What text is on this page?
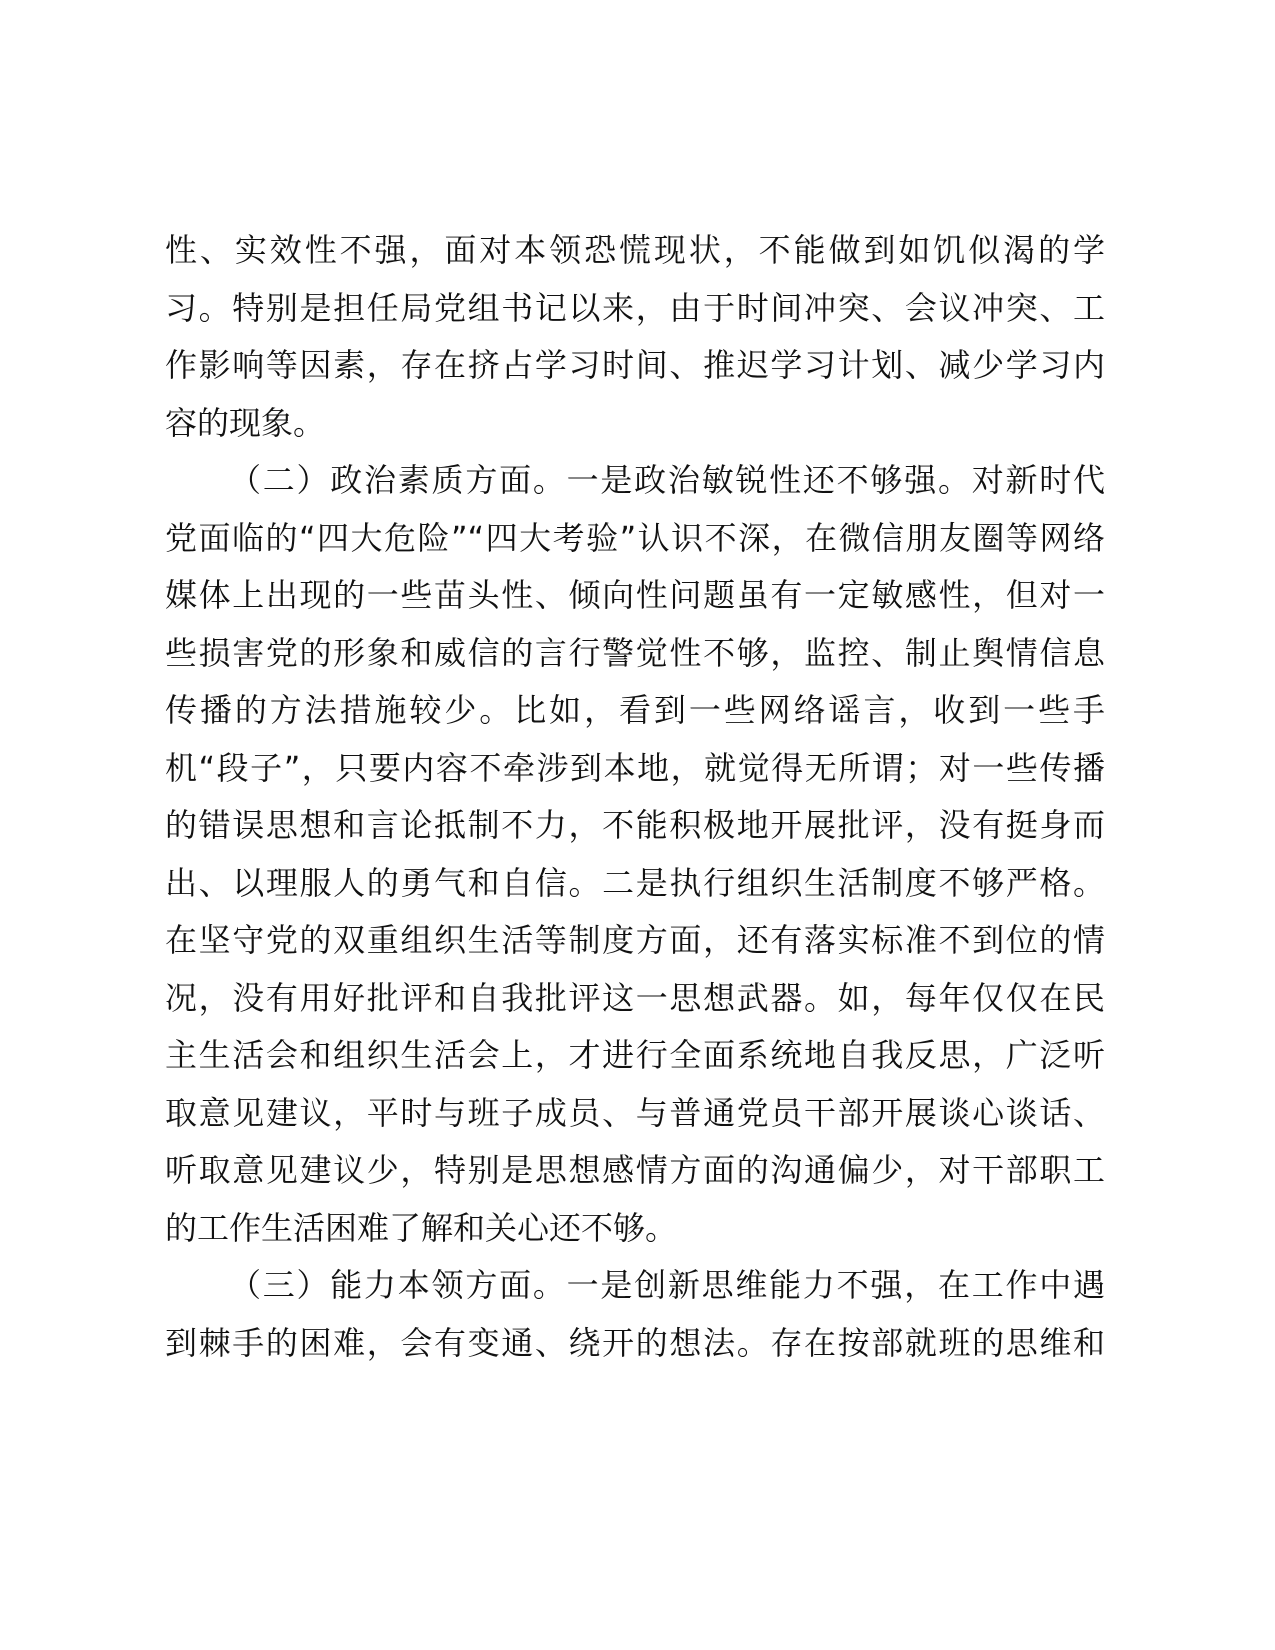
性、实效性不强，面对本领恐慌现状，不能做到如饥似渴的学
习。特别是担任局党组书记以来，由于时间冲突、会议冲突、工
作影响等因素，存在挤占学习时间、推迟学习计划、减少学习内
容的现象。
（二）政治素质方面。一是政治敏锐性还不够强。对新时代
党面临的“四大危险”“四大考验”认识不深，在微信朋友圈等网络
媒体上出现的一些苗头性、倾向性问题虽有一定敏感性，但对一
些损害党的形象和威信的言行警觉性不够，监控、制止舆情信息
传播的方法措施较少。比如，看到一些网络谣言，收到一些手
机“段子”，只要内容不牵涉到本地，就觉得无所谓；对一些传播
的错误思想和言论抵制不力，不能积极地开展批评，没有挺身而
出、以理服人的勇气和自信。二是执行组织生活制度不够严格。
在坚守党的双重组织生活等制度方面，还有落实标准不到位的情
况，没有用好批评和自我批评这一思想武器。如，每年仅仅在民
主生活会和组织生活会上，才进行全面系统地自我反思，广泛听
取意见建议，平时与班子成员、与普通党员干部开展谈心谈话、
听取意见建议少，特别是思想感情方面的沟通偏少，对干部职工
的工作生活困难了解和关心还不够。
（三）能力本领方面。一是创新思维能力不强，在工作中遇
到棘手的困难，会有变通、绕开的想法。存在按部就班的思维和
